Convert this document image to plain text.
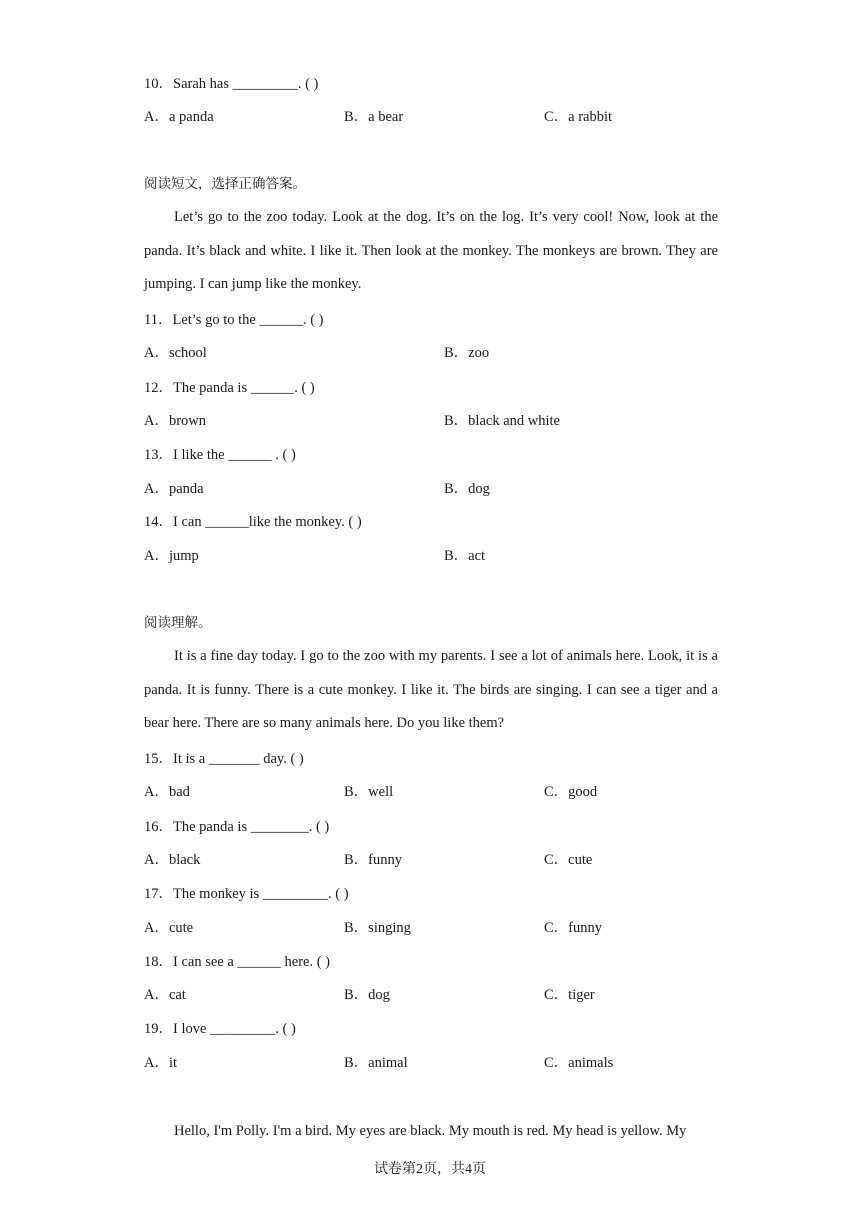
10．Sarah has _________. ( )
A．a panda	B．a bear	C．a rabbit
阅读短文，选择正确答案。
Let’s go to the zoo today. Look at the dog. It’s on the log. It’s very cool! Now, look at the panda. It’s black and white. I like it. Then look at the monkey. The monkeys are brown. They are jumping. I can jump like the monkey.
11．Let’s go to the ______. ( )
A．school	B．zoo
12．The panda is ______. ( )
A．brown	B．black and white
13．I like the ______ . ( )
A．panda	B．dog
14．I can ______like the monkey. ( )
A．jump	B．act
阅读理解。
It is a fine day today. I go to the zoo with my parents. I see a lot of animals here. Look, it is a panda. It is funny. There is a cute monkey. I like it. The birds are singing. I can see a tiger and a bear here. There are so many animals here. Do you like them?
15．It is a _______ day. ( )
A．bad	B．well	C．good
16．The panda is ________. ( )
A．black	B．funny	C．cute
17．The monkey is _________. ( )
A．cute	B．singing	C．funny
18．I can see a ______ here. ( )
A．cat	B．dog	C．tiger
19．I love _________. ( )
A．it	B．animal	C．animals
Hello, I'm Polly. I'm a bird. My eyes are black. My mouth is red. My head is yellow. My
试卷第2页，共4页
